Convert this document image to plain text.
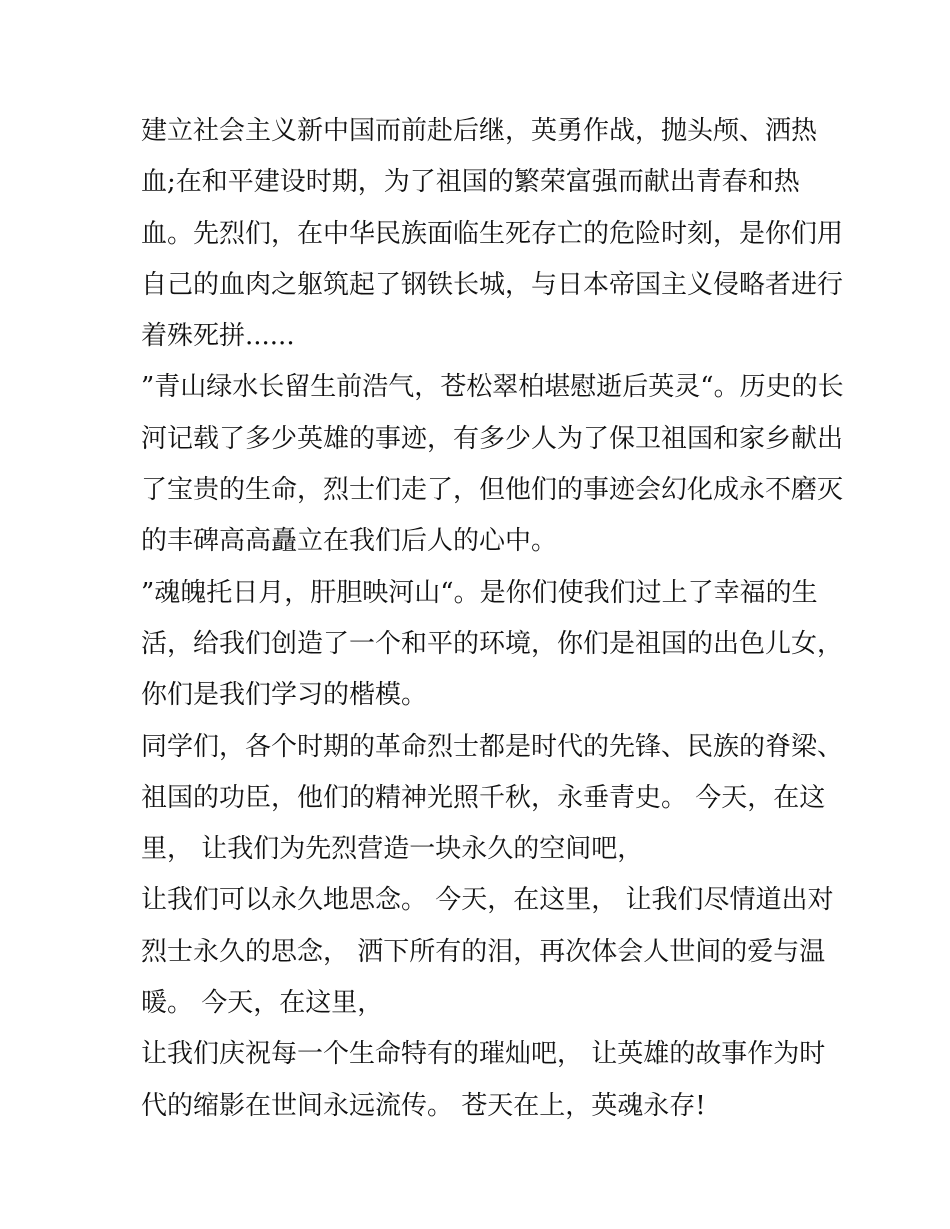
建立社会主义新中国而前赴后继，英勇作战，抛头颅、洒热
血;在和平建设时期，为了祖国的繁荣富强而献出青春和热
血。先烈们，在中华民族面临生死存亡的危险时刻，是你们用
自己的血肉之躯筑起了钢铁长城，与日本帝国主义侵略者进行
着殊死拼......
”青山绿水长留生前浩气，苍松翠柏堪慰逝后英灵“。历史的长
河记载了多少英雄的事迹，有多少人为了保卫祖国和家乡献出
了宝贵的生命，烈士们走了，但他们的事迹会幻化成永不磨灭
的丰碑高高矗立在我们后人的心中。
”魂魄托日月，肝胆映河山“。是你们使我们过上了幸福的生
活，给我们创造了一个和平的环境，你们是祖国的出色儿女，
你们是我们学习的楷模。
同学们，各个时期的革命烈士都是时代的先锋、民族的脊梁、
祖国的功臣，他们的精神光照千秋，永垂青史。 今天，在这
里， 让我们为先烈营造一块永久的空间吧，
让我们可以永久地思念。 今天，在这里， 让我们尽情道出对
烈士永久的思念， 洒下所有的泪，再次体会人世间的爱与温
暖。 今天，在这里，
让我们庆祝每一个生命特有的璀灿吧， 让英雄的故事作为时
代的缩影在世间永远流传。 苍天在上，英魂永存!
